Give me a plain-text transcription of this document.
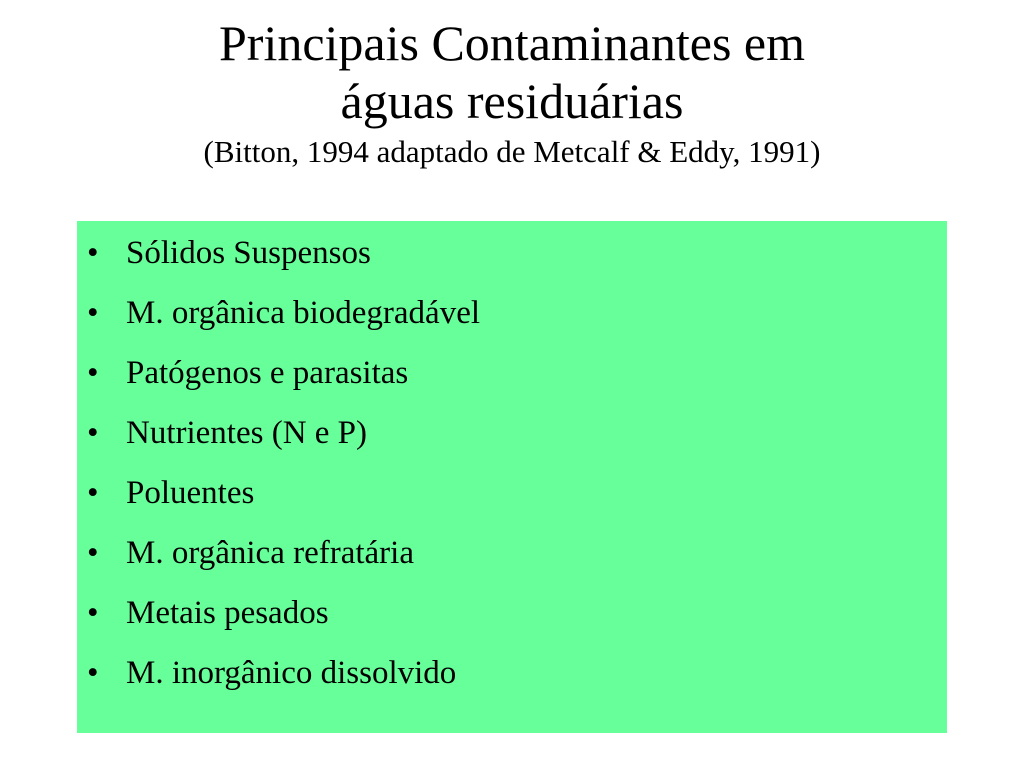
Principais Contaminantes em
águas residuárias
(Bitton, 1994 adaptado de Metcalf & Eddy, 1991)
• Sólidos Suspensos
• M. orgânica biodegradável
• Patógenos e parasitas
• Nutrientes (N e P)
• Poluentes
• M. orgânica refratária
• Metais pesados
• M. inorgânico dissolvido
